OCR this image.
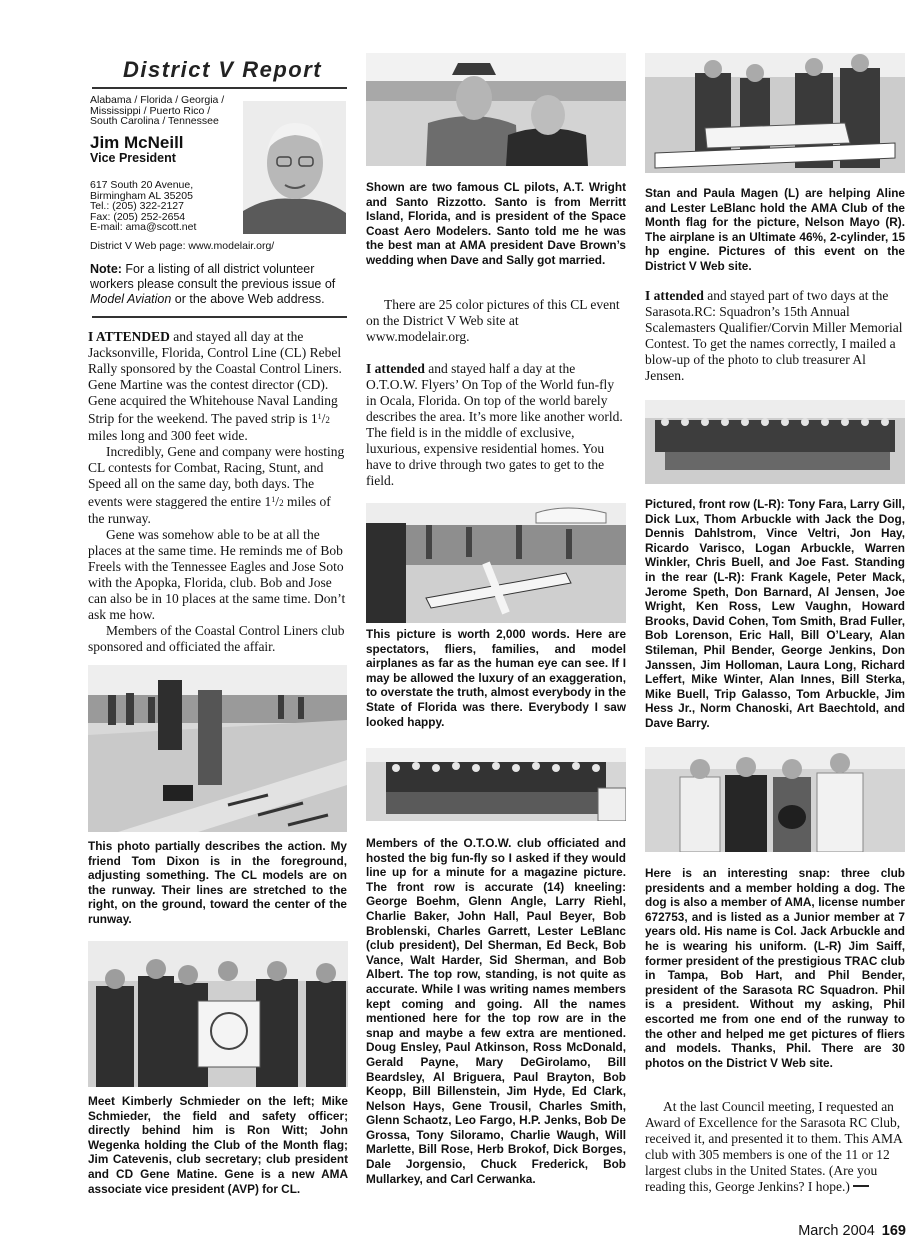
District V Report
Alabama / Florida / Georgia /
Mississippi / Puerto Rico /
South Carolina / Tennessee
Jim McNeill
Vice President
617 South 20 Avenue,
Birmingham AL 35205
Tel.: (205) 322-2127
Fax: (205) 252-2654
E-mail: ama@scott.net
District V Web page: www.modelair.org/
Note: For a listing of all district volunteer workers please consult the previous issue of Model Aviation or the above Web address.

I ATTENDED and stayed all day at the Jacksonville, Florida, Control Line (CL) Rebel Rally sponsored by the Coastal Control Liners. Gene Martine was the contest director (CD). Gene acquired the Whitehouse Naval Landing Strip for the weekend. The paved strip is $1^1/2$ miles long and 300 feet wide.

Incredibly, Gene and company were hosting CL contests for Combat, Racing, Stunt, and Speed all on the same day, both days. The events were staggered the entire $1^1/2$ miles of the runway.

Gene was somehow able to be at all the places at the same time. He reminds me of Bob Freels with the Tennessee Eagles and Jose Soto with the Apopka, Florida, club. Bob and Jose can also be in 10 places at the same time. Don’t ask me how.

Members of the Coastal Control Liners club sponsored and officiated the affair.

This photo partially describes the action. My friend Tom Dixon is in the foreground, adjusting something. The CL models are on the runway. Their lines are stretched to the right, on the ground, toward the center of the runway.
Meet Kimberly Schmieder on the left; Mike Schmieder, the field and safety officer; directly behind him is Ron Witt; John Wegenka holding the Club of the Month flag; Jim Catevenis, club secretary; club president and CD Gene Matine. Gene is a new AMA associate vice president (AVP) for CL.
Shown are two famous CL pilots, A.T. Wright and Santo Rizzotto. Santo is from Merritt Island, Florida, and is president of the Space Coast Aero Modelers. Santo told me he was the best man at AMA president Dave Brown’s wedding when Dave and Sally got married.

There are 25 color pictures of this CL event on the District V Web site at www.modelair.org.

I attended and stayed half a day at the O.T.O.W. Flyers’ On Top of the World fun-fly in Ocala, Florida. On top of the world barely describes the area. It’s more like another world. The field is in the middle of exclusive, luxurious, expensive residential homes. You have to drive through two gates to get to the field.

This picture is worth 2,000 words. Here are spectators, fliers, families, and model airplanes as far as the human eye can see. If I may be allowed the luxury of an exaggeration, to overstate the truth, almost everybody in the State of Florida was there. Everybody I saw looked happy.
Members of the O.T.O.W. club officiated and hosted the big fun-fly so I asked if they would line up for a minute for a magazine picture. The front row is accurate (14) kneeling: George Boehm, Glenn Angle, Larry Riehl, Charlie Baker, John Hall, Paul Beyer, Bob Broblenski, Charles Garrett, Lester LeBlanc (club president), Del Sherman, Ed Beck, Bob Vance, Walt Harder, Sid Sherman, and Bob Albert. The top row, standing, is not quite as accurate. While I was writing names members kept coming and going. All the names mentioned here for the top row are in the snap and maybe a few extra are mentioned. Doug Ensley, Paul Atkinson, Ross McDonald, Gerald Payne, Mary DeGirolamo, Bill Beardsley, Al Briguera, Paul Brayton, Bob Keopp, Bill Billenstein, Jim Hyde, Ed Clark, Nelson Hays, Gene Trousil, Charles Smith, Glenn Schaotz, Leo Fargo, H.P. Jenks, Bob De Grossa, Tony Siloramo, Charlie Waugh, Will Marlette, Bill Rose, Herb Brokof, Dick Borges, Dale Jorgensio, Chuck Frederick, Bob Mullarkey, and Carl Cerwanka.
Stan and Paula Magen (L) are helping Aline and Lester LeBlanc hold the AMA Club of the Month flag for the picture, Nelson Mayo (R). The airplane is an Ultimate 46%, 2-cylinder, 15 hp engine. Pictures of this event on the District V Web site.

I attended and stayed part of two days at the Sarasota.RC: Squadron’s 15th Annual Scalemasters Qualifier/Corvin Miller Memorial Contest. To get the names correctly, I mailed a blow-up of the photo to club treasurer Al Jensen.

Pictured, front row (L-R): Tony Fara, Larry Gill, Dick Lux, Thom Arbuckle with Jack the Dog, Dennis Dahlstrom, Vince Veltri, Jon Hay, Ricardo Varisco, Logan Arbuckle, Warren Winkler, Chris Buell, and Joe Fast. Standing in the rear (L-R): Frank Kagele, Peter Mack, Jerome Speth, Don Barnard, Al Jensen, Joe Wright, Ken Ross, Lew Vaughn, Howard Brooks, David Cohen, Tom Smith, Brad Fuller, Bob Lorenson, Eric Hall, Bill O’Leary, Alan Stileman, Phil Bender, George Jenkins, Don Janssen, Jim Holloman, Laura Long, Richard Leffert, Mike Winter, Alan Innes, Bill Sterka, Mike Buell, Trip Galasso, Tom Arbuckle, Jim Hess Jr., Norm Chanoski, Art Baechtold, and Dave Barry.
Here is an interesting snap: three club presidents and a member holding a dog. The dog is also a member of AMA, license number 672753, and is listed as a Junior member at 7 years old. His name is Col. Jack Arbuckle and he is wearing his uniform. (L-R) Jim Saiff, former president of the prestigious TRAC club in Tampa, Bob Hart, and Phil Bender, president of the Sarasota RC Squadron. Phil is a president. Without my asking, Phil escorted me from one end of the runway to the other and helped me get pictures of fliers and models. Thanks, Phil. There are 30 photos on the District V Web site.

At the last Council meeting, I requested an Award of Excellence for the Sarasota RC Club, received it, and presented it to them. This AMA club with 305 members is one of the 11 or 12 largest clubs in the United States. (Are you reading this, George Jenkins? I hope.)

March 2004 169
